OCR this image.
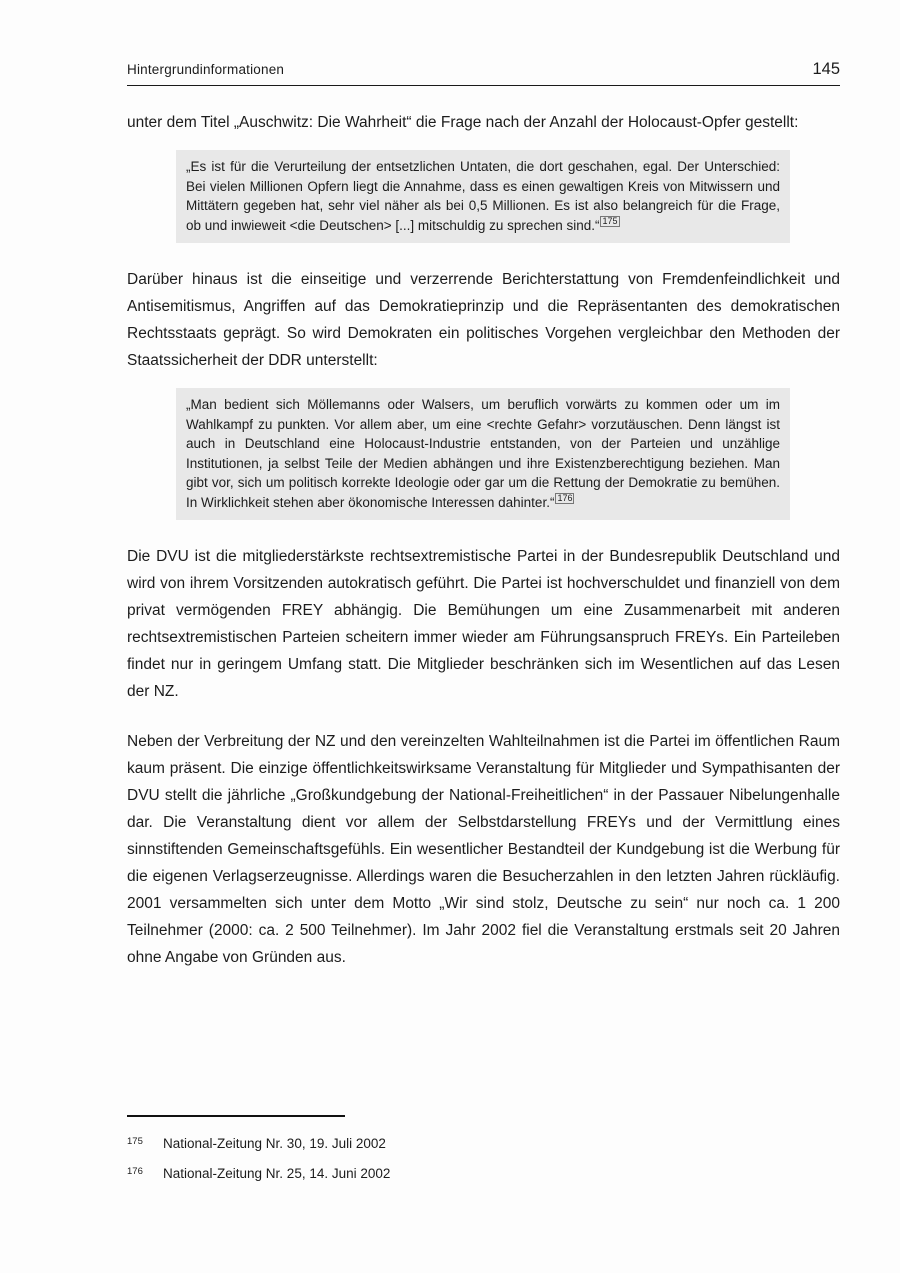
Hintergrundinformationen	145

unter dem Titel „Auschwitz: Die Wahrheit“ die Frage nach der Anzahl der Holocaust-Opfer gestellt:

„Es ist für die Verurteilung der entsetzlichen Untaten, die dort geschahen, egal. Der Unterschied: Bei vielen Millionen Opfern liegt die Annahme, dass es einen gewaltigen Kreis von Mitwissern und Mittätern gegeben hat, sehr viel näher als bei 0,5 Millionen. Es ist also belangreich für die Frage, ob und inwieweit <die Deutschen> [...] mitschuldig zu sprechen sind.“ $^{175}$

Darüber hinaus ist die einseitige und verzerrende Berichterstattung von Fremdenfeindlichkeit und Antisemitismus, Angriffen auf das Demokratieprinzip und die Repräsentanten des demokratischen Rechtsstaats geprägt. So wird Demokraten ein politisches Vorgehen vergleichbar den Methoden der Staatssicherheit der DDR unterstellt:

„Man bedient sich Möllemanns oder Walsers, um beruflich vorwärts zu kommen oder um im Wahlkampf zu punkten. Vor allem aber, um eine <rechte Gefahr> vorzutäuschen. Denn längst ist auch in Deutschland eine Holocaust-Industrie entstanden, von der Parteien und unzählige Institutionen, ja selbst Teile der Medien abhängen und ihre Existenzberechtigung beziehen. Man gibt vor, sich um politisch korrekte Ideologie oder gar um die Rettung der Demokratie zu bemühen. In Wirklichkeit stehen aber ökonomische Interessen dahinter.“ $^{176}$

Die DVU ist die mitgliederstärkste rechtsextremistische Partei in der Bundesrepublik Deutschland und wird von ihrem Vorsitzenden autokratisch geführt. Die Partei ist hochverschuldet und finanziell von dem privat vermögenden FREY abhängig. Die Bemühungen um eine Zusammenarbeit mit anderen rechtsextremistischen Parteien scheitern immer wieder am Führungsanspruch FREYs. Ein Parteileben findet nur in geringem Umfang statt. Die Mitglieder beschränken sich im Wesentlichen auf das Lesen der NZ.

Neben der Verbreitung der NZ und den vereinzelten Wahlteilnahmen ist die Partei im öffentlichen Raum kaum präsent. Die einzige öffentlichkeitswirksame Veranstaltung für Mitglieder und Sympathisanten der DVU stellt die jährliche „Großkundgebung der National-Freiheitlichen“ in der Passauer Nibelungenhalle dar. Die Veranstaltung dient vor allem der Selbstdarstellung FREYs und der Vermittlung eines sinnstiftenden Gemeinschaftsgefühls. Ein wesentlicher Bestandteil der Kundgebung ist die Werbung für die eigenen Verlagserzeugnisse. Allerdings waren die Besucherzahlen in den letzten Jahren rückläufig. 2001 versammelten sich unter dem Motto „Wir sind stolz, Deutsche zu sein“ nur noch ca. 1 200 Teilnehmer (2000: ca. 2 500 Teilnehmer). Im Jahr 2002 fiel die Veranstaltung erstmals seit 20 Jahren ohne Angabe von Gründen aus.

175	National-Zeitung Nr. 30, 19. Juli 2002
176	National-Zeitung Nr. 25, 14. Juni 2002
